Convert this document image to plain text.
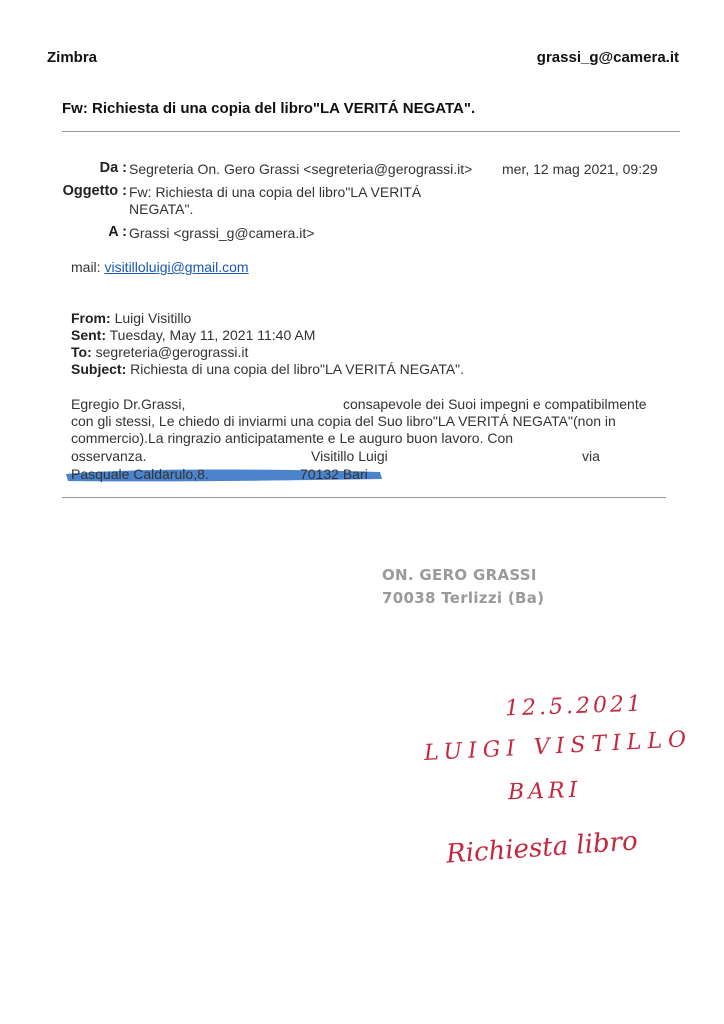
Zimbra	grassi_g@camera.it
Fw: Richiesta di una copia del libro"LA VERITÁ NEGATA".
Da : Segreteria On. Gero Grassi <segreteria@gerograssi.it> mer, 12 mag 2021, 09:29
Oggetto : Fw: Richiesta di una copia del libro"LA VERITÁ
NEGATA".
A : Grassi <grassi_g@camera.it>
mail: visitilloluigi@gmail.com
From: Luigi Visitillo
Sent: Tuesday, May 11, 2021 11:40 AM
To: segreteria@gerograssi.it
Subject: Richiesta di una copia del libro"LA VERITÁ NEGATA".
Egregio Dr.Grassi,	consapevole dei Suoi impegni e compatibilmente
con gli stessi, Le chiedo di inviarmi una copia del Suo libro"LA VERITÁ NEGATA"(non in
commercio).La ringrazio anticipatamente e Le auguro buon lavoro. Con
osservanza.	Visitillo Luigi	via
Pasquale Caldarulo,8.	70132 Bari
ON. GERO GRASSI
70038 Terlizzi (Ba)
12.5.2021
LUIGI VISTILLO
BARI
Richiesta libro
